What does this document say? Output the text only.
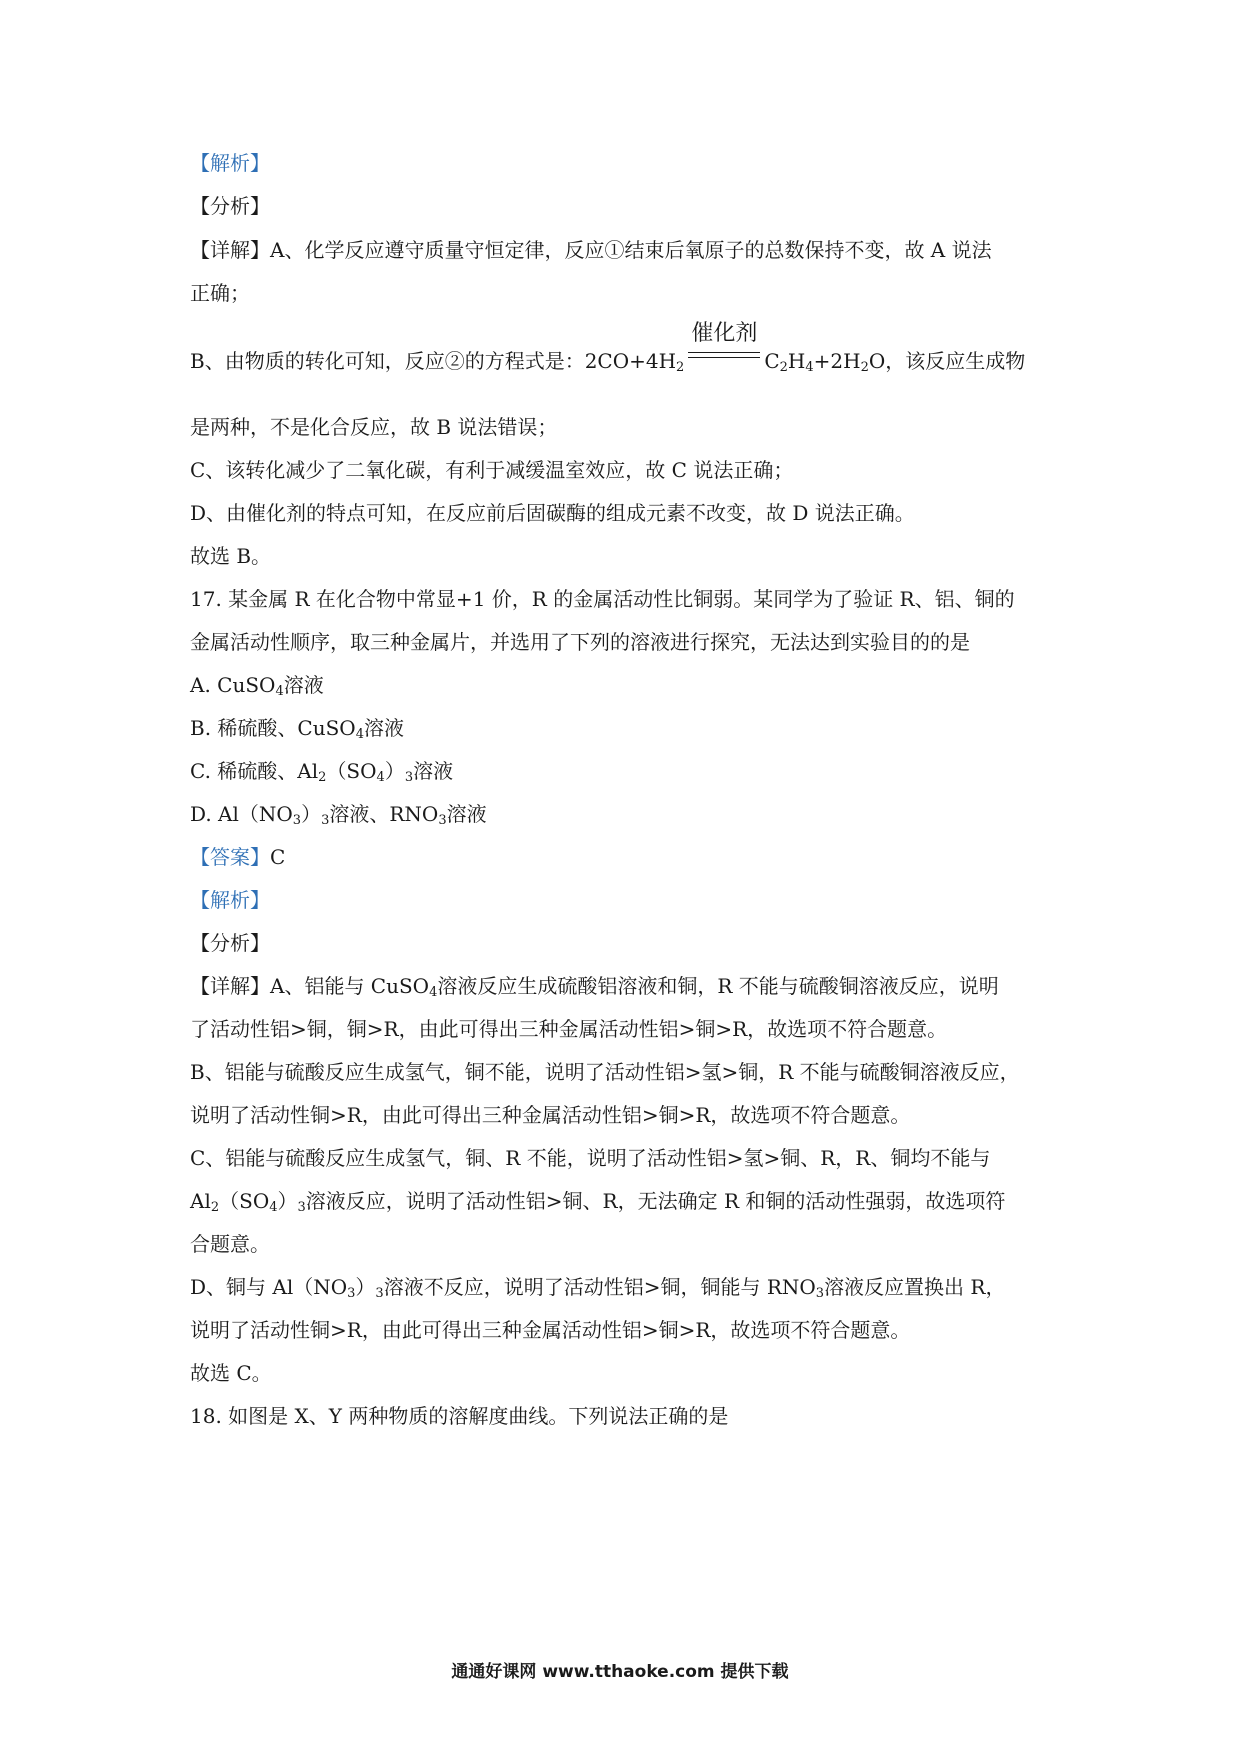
【解析】
【分析】
【详解】A、化学反应遵守质量守恒定律，反应①结束后氧原子的总数保持不变，故 A 说法
正确；
B、由物质的转化可知，反应②的方程式是：$2CO+4H_2$
催化剂
$C_2H_4+2H_2O$，该反应生成物
是两种，不是化合反应，故 B 说法错误；
C、该转化减少了二氧化碳，有利于减缓温室效应，故 C 说法正确；
D、由催化剂的特点可知，在反应前后固碳酶的组成元素不改变，故 D 说法正确。
故选 B。
17. 某金属 R 在化合物中常显+1 价，R 的金属活动性比铜弱。某同学为了验证 R、铝、铜的
金属活动性顺序，取三种金属片，并选用了下列的溶液进行探究，无法达到实验目的的是
A. CuSO$_4$溶液
B. 稀硫酸、CuSO$_4$溶液
C. 稀硫酸、$Al_2(SO_4)_3$溶液
D. $Al(NO_3)_3$溶液、$RNO_3$溶液
【答案】C
【解析】
【分析】
【详解】A、铝能与 CuSO$_4$溶液反应生成硫酸铝溶液和铜，R 不能与硫酸铜溶液反应，说明
了活动性铝>铜，铜>R，由此可得出三种金属活动性铝>铜>R，故选项不符合题意。
B、铝能与硫酸反应生成氢气，铜不能，说明了活动性铝>氢>铜，R 不能与硫酸铜溶液反应，
说明了活动性铜>R，由此可得出三种金属活动性铝>铜>R，故选项不符合题意。
C、铝能与硫酸反应生成氢气，铜、R 不能，说明了活动性铝>氢>铜、R，R、铜均不能与
$Al_2(SO_4)_3$溶液反应，说明了活动性铝>铜、R，无法确定 R 和铜的活动性强弱，故选项符
合题意。
D、铜与 $Al(NO_3)_3$溶液不反应，说明了活动性铝>铜，铜能与 $RNO_3$溶液反应置换出 R，
说明了活动性铜>R，由此可得出三种金属活动性铝>铜>R，故选项不符合题意。
故选 C。
18. 如图是 X、Y 两种物质的溶解度曲线。下列说法正确的是
通通好课网 www.tthaoke.com 提供下载
